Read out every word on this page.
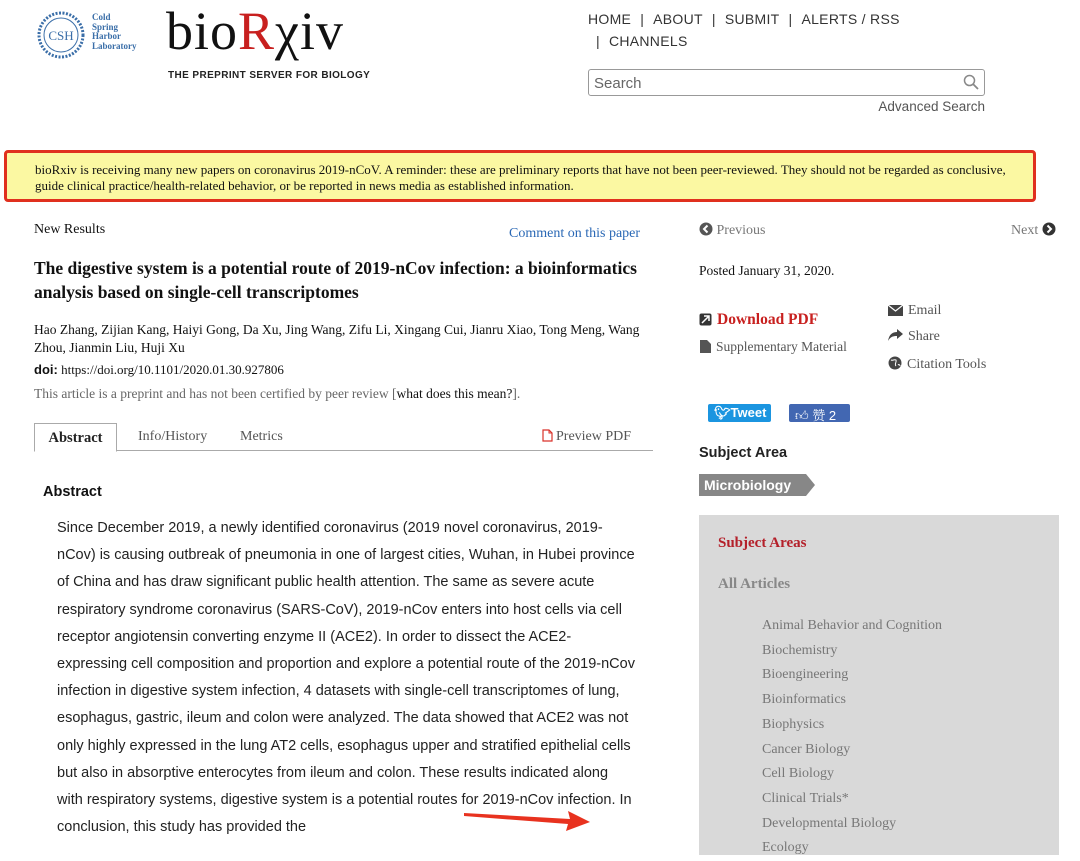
CSH
Cold
Spring
Harbor
Laboratory bioRχiv
THE PREPRINT SERVER FOR BIOLOGY
HOME | ABOUT | SUBMIT | ALERTS / RSS
| CHANNELS
Search
Advanced Search
bioRxiv is receiving many new papers on coronavirus 2019-nCoV. A reminder: these are preliminary reports that have not been peer-reviewed. They should not be regarded as conclusive, guide clinical practice/health-related behavior, or be reported in news media as established information.
New Results	Comment on this paper
The digestive system is a potential route of 2019-nCov infection: a bioinformatics analysis based on single-cell transcriptomes
Hao Zhang, Zijian Kang, Haiyi Gong, Da Xu, Jing Wang, Zifu Li, Xingang Cui, Jianru Xiao, Tong Meng, Wang Zhou, Jianmin Liu, Huji Xu
doi: https://doi.org/10.1101/2020.01.30.927806
This article is a preprint and has not been certified by peer review [what does this mean?].
Abstract	Info/History Metrics	Preview PDF
Abstract
Since December 2019, a newly identified coronavirus (2019 novel coronavirus, 2019-nCov) is causing outbreak of pneumonia in one of largest cities, Wuhan, in Hubei province of China and has draw significant public health attention. The same as severe acute respiratory syndrome coronavirus (SARS-CoV), 2019-nCov enters into host cells via cell receptor angiotensin converting enzyme II (ACE2). In order to dissect the ACE2-expressing cell composition and proportion and explore a potential route of the 2019-nCov infection in digestive system infection, 4 datasets with single-cell transcriptomes of lung, esophagus, gastric, ileum and colon were analyzed. The data showed that ACE2 was not only highly expressed in the lung AT2 cells, esophagus upper and stratified epithelial cells but also in absorptive enterocytes from ileum and colon. These results indicated along with respiratory systems, digestive system is a potential routes for 2019-nCov infection. In conclusion, this study has provided the
Previous	Next
Posted January 31, 2020.
Download PDF
Supplementary Material
Email
Share
Citation Tools
🐦︎Tweet	👍︎ 赞 2
Subject Area
Microbiology
Subject Areas
All Articles
Animal Behavior and Cognition
Biochemistry
Bioengineering
Bioinformatics
Biophysics
Cancer Biology
Cell Biology
Clinical Trials*
Developmental Biology
Ecology
